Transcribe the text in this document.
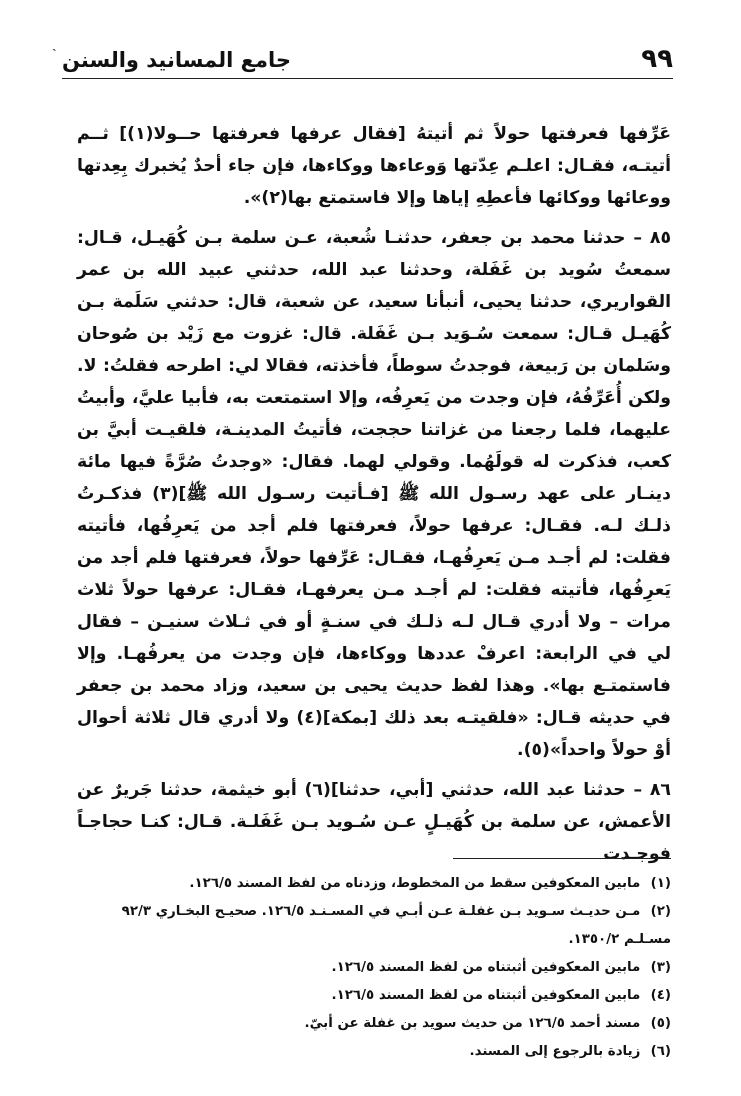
ˎ
جامع المسانيد والسنن	٩٩

عَرِّفها فعرفتها حولاً ثم أتيتهُ [فقال عرفها فعرفتها حــولا(١)] ثــم أتيتـه، فقـال: اعلـم عِدّتها وَوعاءها ووكاءها، فإن جاء أحدٌ يُخبرك بِعِدتها ووعائها ووكائها فأعطِهِ إياها وإلا فاستمتع بها(٢)».

٨٥ – حدثنا محمد بن جعفر، حدثنـا شُعبة، عـن سلمة بـن كُهَيـل، قـال: سمعتُ سُويد بن غَفَلة، وحدثنا عبد الله، حدثني عبيد الله بن عمر القواريري، حدثنا يحيى، أنبأنا سعيد، عن شعبة، قال: حدثني سَلَمة بـن كُهَيـل قـال: سمعت سُـوَيد بـن غَفَلة. قال: غزوت مع زَيْد بن صُوحان وسَلمان بن رَبيعة، فوجدتُ سوطاً، فأخذته، فقالا لي: اطرحه فقلتُ: لا. ولكن أُعَرِّفُهُ، فإن وجدت من يَعرِفُه، وإلا استمتعت به، فأبيا عليَّ، وأبيتُ عليهما، فلما رجعنا من غزاتنا حججت، فأتيتُ المدينـة، فلقيـت أبيَّ بن كعب، فذكرت له قولَهُما. وقولي لهما. فقال: «وجدتُ صُرَّةً فيها مائة دينـار على عهد رسـول الله ﷺ [فـأتيت رسـول الله ﷺ](٣) فذكـرتُ ذلـك لـه. فقـال: عرفها حولاً، فعرفتها فلم أجد من يَعرِفُها، فأتيته فقلت: لم أجـد مـن يَعرِفُهـا، فقـال: عَرِّفها حولاً، فعرفتها فلم أجد من يَعرِفُها، فأتيته فقلت: لم أجـد مـن يعرفهـا، فقـال: عرفها حولاً ثلاث مرات – ولا أدري قـال لـه ذلـك في سنـةٍ أو في ثـلاث سنيـن – فقال لي في الرابعة: اعرفْ عددها ووكاءها، فإن وجدت من يعرفُهـا. وإلا فاستمتـع بها». وهذا لفظ حديث يحيى بن سعيد، وزاد محمد بن جعفر في حديثه قـال: «فلقيتـه بعد ذلك [بمكة](٤) ولا أدري قال ثلاثة أحوال أوْ حولاً واحداً»(٥).

٨٦ – حدثنا عبد الله، حدثني [أبي، حدثنا](٦) أبو خيثمة، حدثنا جَريرٌ عن الأعمش، عن سلمة بن كُهَيـلٍ عـن سُـويد بـن غَفَلـة. قـال: كنـا حجاجـاً فوجـدت

(١) مابين المعكوفين سقط من المخطوط، وزدناه من لفظ المسند ١٢٦/٥.
(٢) مـن حديـث سـويد بـن غفلـة عـن أبـي في المسـنـد ١٢٦/٥. صحيـح البخـاري ٩٢/٣ مسـلـم ١٣٥٠/٢.
(٣) مابين المعكوفين أثبتناه من لفظ المسند ١٢٦/٥.
(٤) مابين المعكوفين أثبتناه من لفظ المسند ١٢٦/٥.
(٥) مسند أحمد ١٢٦/٥ من حديث سويد بن غفلة عن أبيّ.
(٦) زيادة بالرجوع إلى المسند.
